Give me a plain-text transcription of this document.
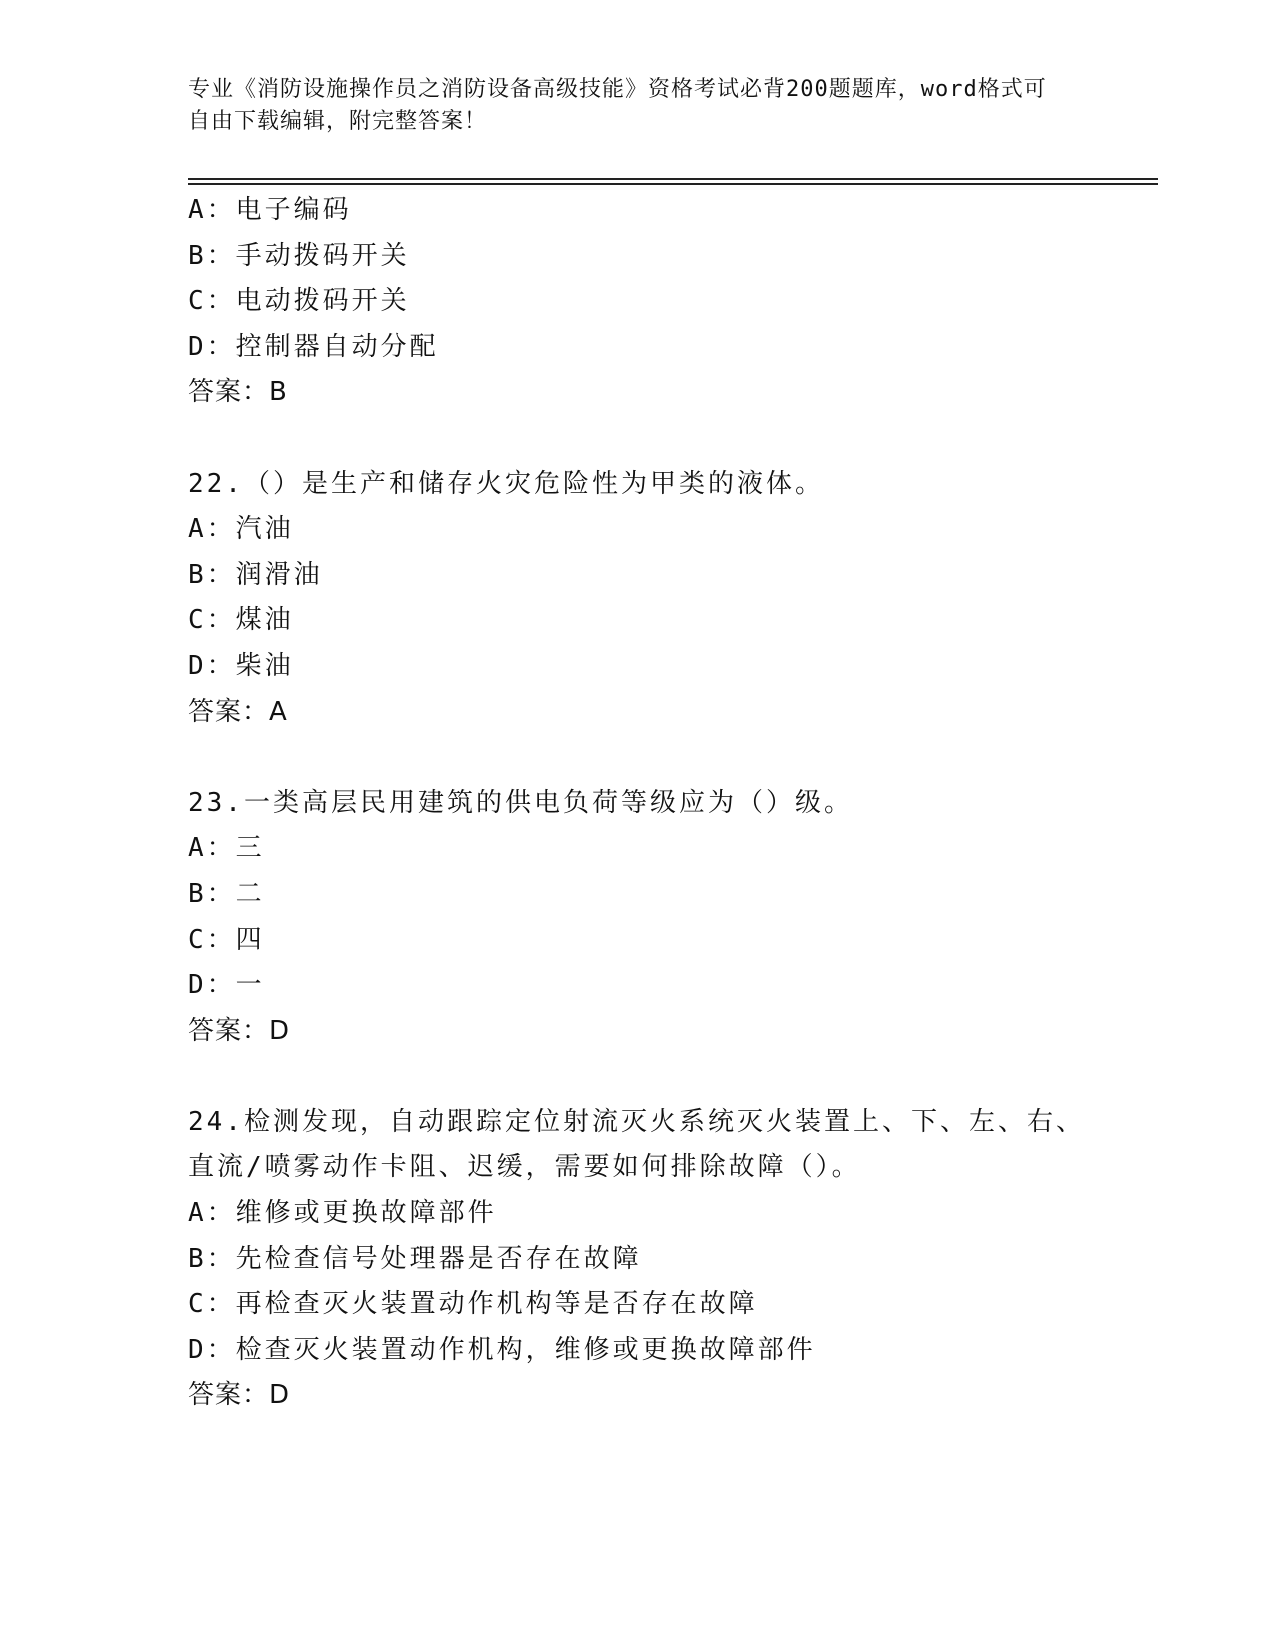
专业《消防设施操作员之消防设备高级技能》资格考试必背200题题库，word格式可自由下载编辑，附完整答案！
A：电子编码
B：手动拨码开关
C：电动拨码开关
D：控制器自动分配
答案：B
22.（）是生产和储存火灾危险性为甲类的液体。
A：汽油
B：润滑油
C：煤油
D：柴油
答案：A
23.一类高层民用建筑的供电负荷等级应为（）级。
A：三
B：二
C：四
D：一
答案：D
24.检测发现，自动跟踪定位射流灭火系统灭火装置上、下、左、右、
直流/喷雾动作卡阻、迟缓，需要如何排除故障（）。
A：维修或更换故障部件
B：先检查信号处理器是否存在故障
C：再检查灭火装置动作机构等是否存在故障
D：检查灭火装置动作机构，维修或更换故障部件
答案：D
